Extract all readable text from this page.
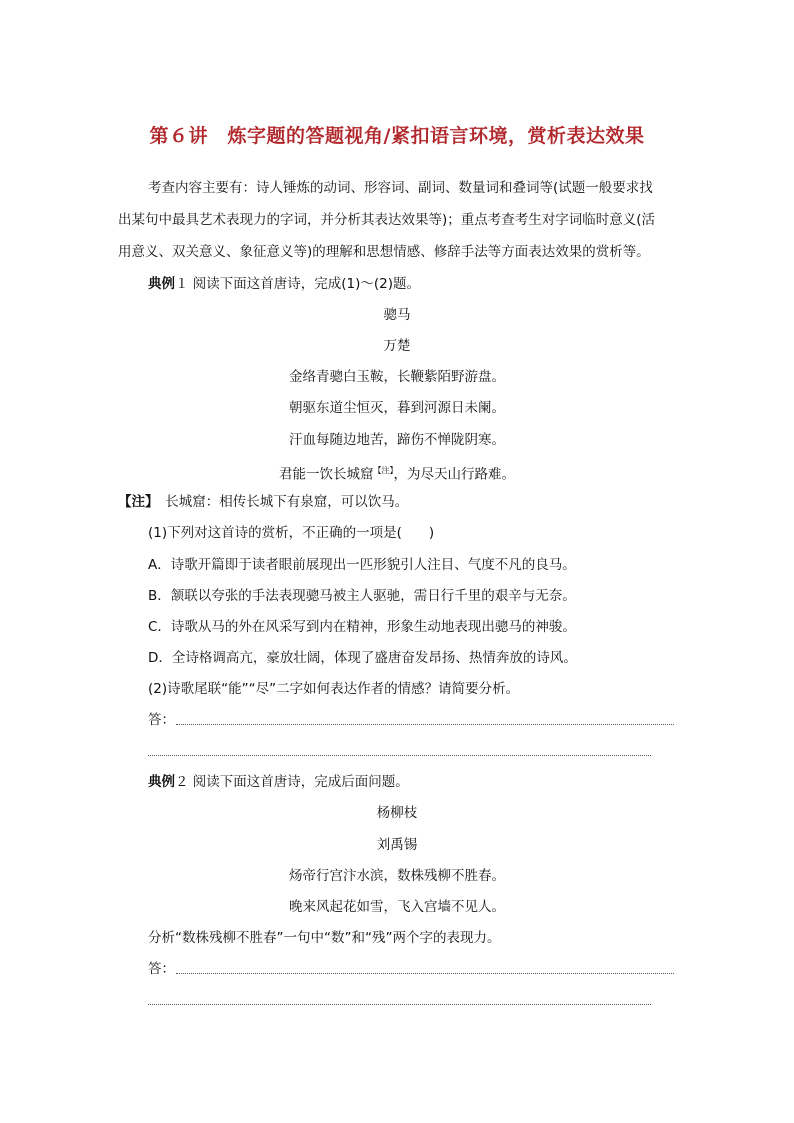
第６讲　炼字题的答题视角/紧扣语言环境，赏析表达效果
考查内容主要有：诗人锤炼的动词、形容词、副词、数量词和叠词等(试题一般要求找
出某句中最具艺术表现力的字词，并分析其表达效果等)；重点考查考生对字词临时意义(活
用意义、双关意义、象征意义等)的理解和思想情感、修辞手法等方面表达效果的赏析等。
典例１ 阅读下面这首唐诗，完成(1)～(2)题。
骢马
万楚
金络青骢白玉鞍，长鞭紫陌野游盘。
朝驱东道尘恒灭，暮到河源日未阑。
汗血每随边地苦，蹄伤不惮陇阴寒。
君能一饮长城窟$^{【注】}$，为尽天山行路难。
【注】　长城窟：相传长城下有泉窟，可以饮马。
(1)下列对这首诗的赏析，不正确的一项是(　　)
A．诗歌开篇即于读者眼前展现出一匹形貌引人注目、气度不凡的良马。
B．颔联以夸张的手法表现骢马被主人驱驰，需日行千里的艰辛与无奈。
C．诗歌从马的外在风采写到内在精神，形象生动地表现出骢马的神骏。
D．全诗格调高亢，豪放壮阔，体现了盛唐奋发昂扬、热情奔放的诗风。
(2)诗歌尾联“能”“尽”二字如何表达作者的情感？请简要分析。
答：
典例２ 阅读下面这首唐诗，完成后面问题。
杨柳枝
刘禹锡
炀帝行宫汴水滨，数株残柳不胜春。
晚来风起花如雪，飞入宫墙不见人。
分析“数株残柳不胜春”一句中“数”和“残”两个字的表现力。
答：
